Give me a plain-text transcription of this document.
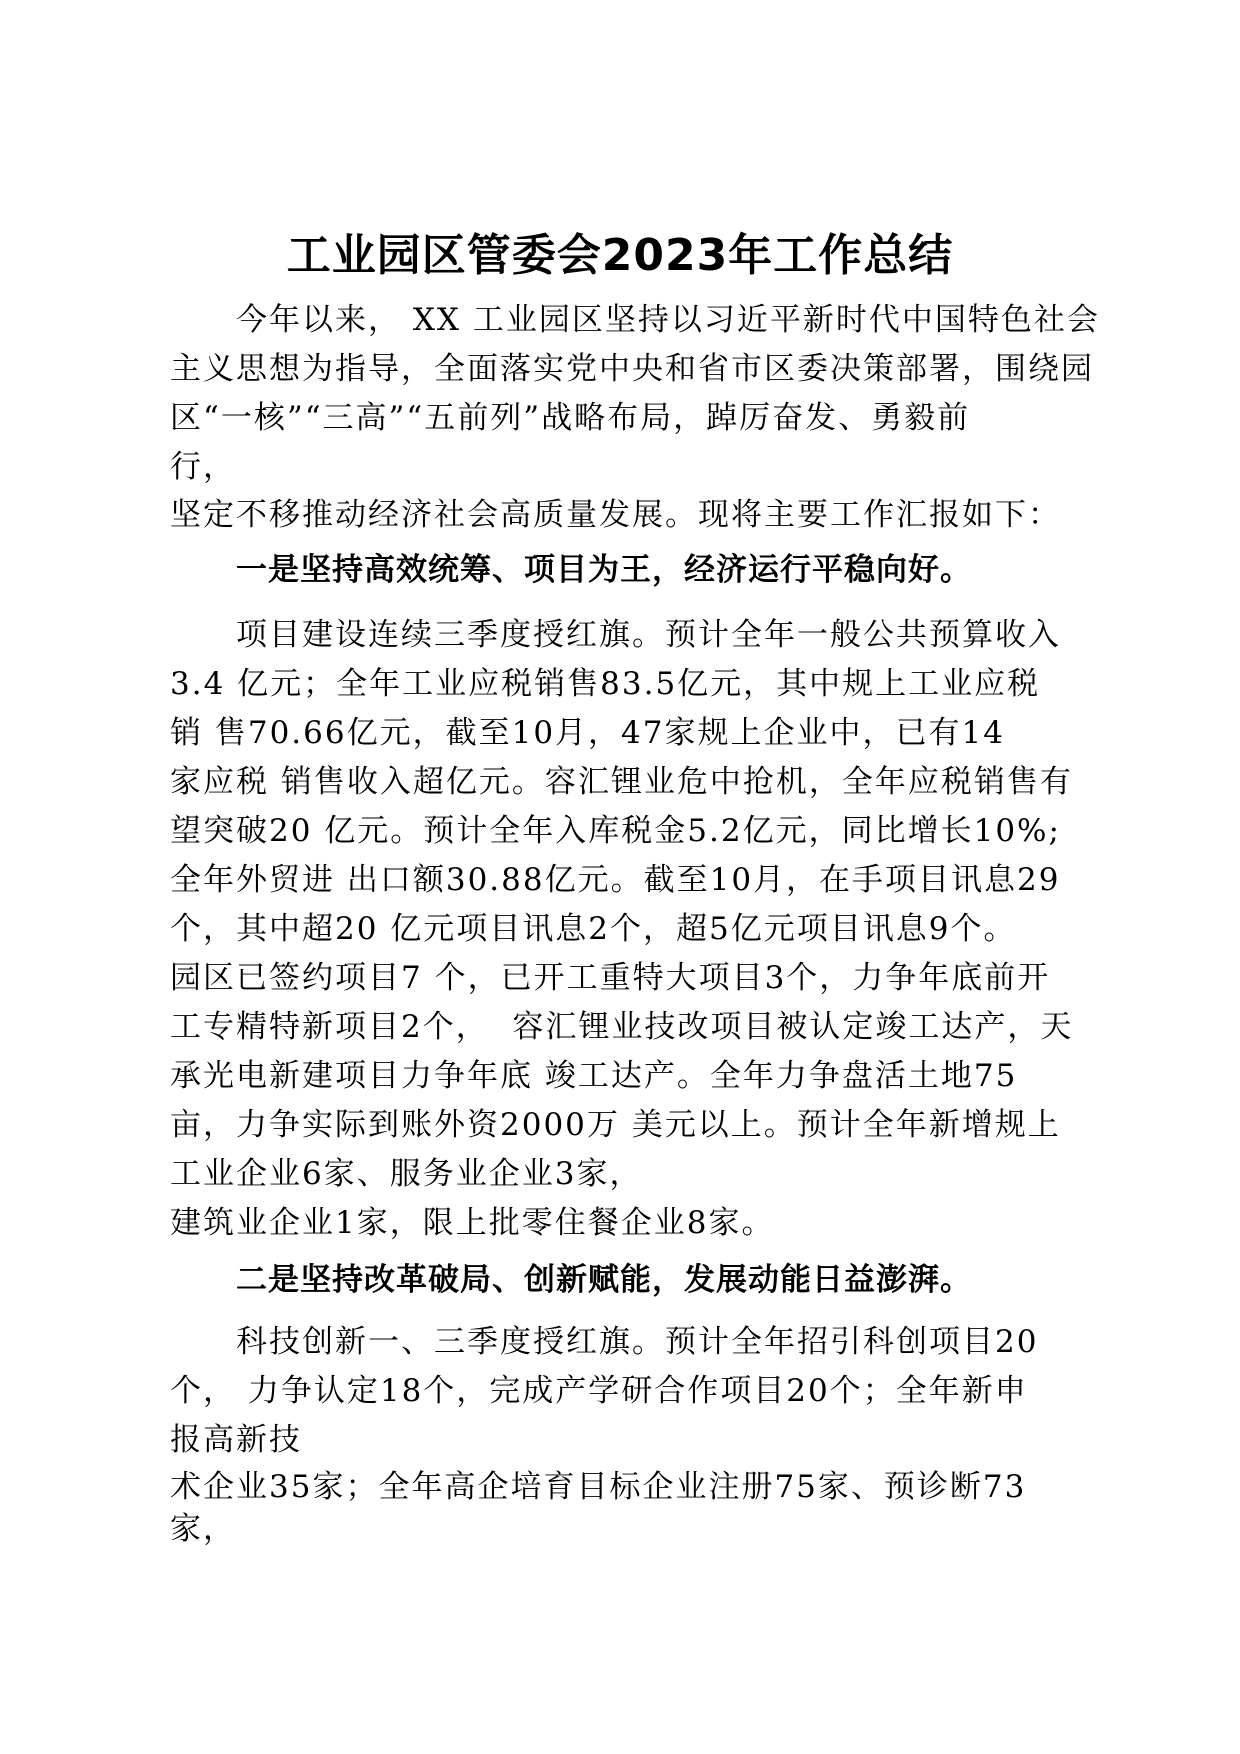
工业园区管委会2023年工作总结
今年以来， XX 工业园区坚持以习近平新时代中国特色社会
主义思想为指导，全面落实党中央和省市区委决策部署，围绕园
区“一核”“三高”“五前列”战略布局，踔厉奋发、勇毅前
行，
坚定不移推动经济社会高质量发展。现将主要工作汇报如下：
一是坚持高效统筹、项目为王，经济运行平稳向好。
项目建设连续三季度授红旗。预计全年一般公共预算收入
3.4 亿元；全年工业应税销售83.5亿元，其中规上工业应税
销 售70.66亿元，截至10月，47家规上企业中，已有14
家应税 销售收入超亿元。容汇锂业危中抢机，全年应税销售有
望突破20 亿元。预计全年入库税金5.2亿元，同比增长10%;
全年外贸进 出口额30.88亿元。截至10月，在手项目讯息29
个，其中超20 亿元项目讯息2个，超5亿元项目讯息9个。
园区已签约项目7 个，已开工重特大项目3个，力争年底前开
工专精特新项目2个，  容汇锂业技改项目被认定竣工达产，天
承光电新建项目力争年底 竣工达产。全年力争盘活土地75
亩，力争实际到账外资2000万 美元以上。预计全年新增规上
工业企业6家、服务业企业3家，
建筑业企业1家，限上批零住餐企业8家。
二是坚持改革破局、创新赋能，发展动能日益澎湃。
科技创新一、三季度授红旗。预计全年招引科创项目20
个， 力争认定18个，完成产学研合作项目20个；全年新申
报高新技
术企业35家；全年高企培育目标企业注册75家、预诊断73
家，
